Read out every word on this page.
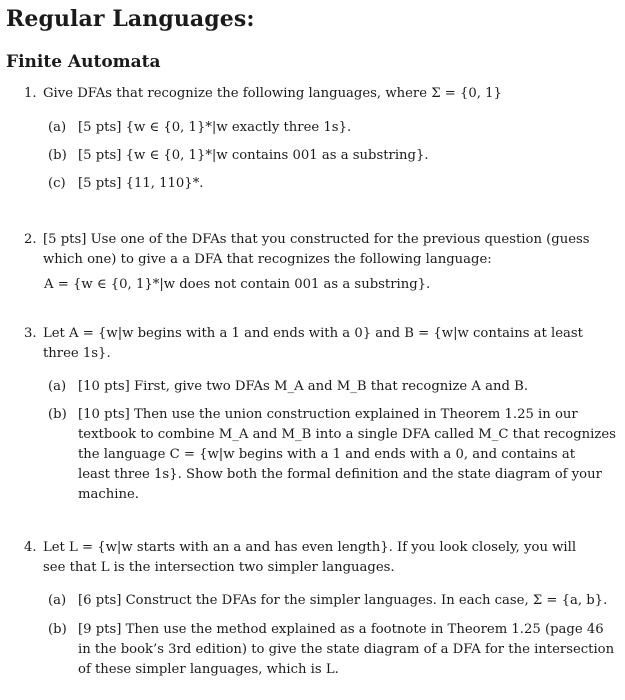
Regular Languages:
Finite Automata
1. Give DFAs that recognize the following languages, where Σ = {0, 1}
(a) [5 pts] {w ∈ {0, 1}*|w exactly three 1s}.
(b) [5 pts] {w ∈ {0, 1}*|w contains 001 as a substring}.
(c) [5 pts] {11, 110}*.
2. [5 pts] Use one of the DFAs that you constructed for the previous question (guess
which one) to give a a DFA that recognizes the following language:
A = {w ∈ {0, 1}*|w does not contain 001 as a substring}.
3. Let A = {w|w begins with a 1 and ends with a 0} and B = {w|w contains at least
three 1s}.
(a) [10 pts] First, give two DFAs M_A and M_B that recognize A and B.
(b) [10 pts] Then use the union construction explained in Theorem 1.25 in our
textbook to combine M_A and M_B into a single DFA called M_C that recognizes
the language C = {w|w begins with a 1 and ends with a 0, and contains at
least three 1s}. Show both the formal definition and the state diagram of your
machine.
4. Let L = {w|w starts with an a and has even length}. If you look closely, you will
see that L is the intersection two simpler languages.
(a) [6 pts] Construct the DFAs for the simpler languages. In each case, Σ = {a, b}.
(b) [9 pts] Then use the method explained as a footnote in Theorem 1.25 (page 46
in the book’s 3rd edition) to give the state diagram of a DFA for the intersection
of these simpler languages, which is L.
